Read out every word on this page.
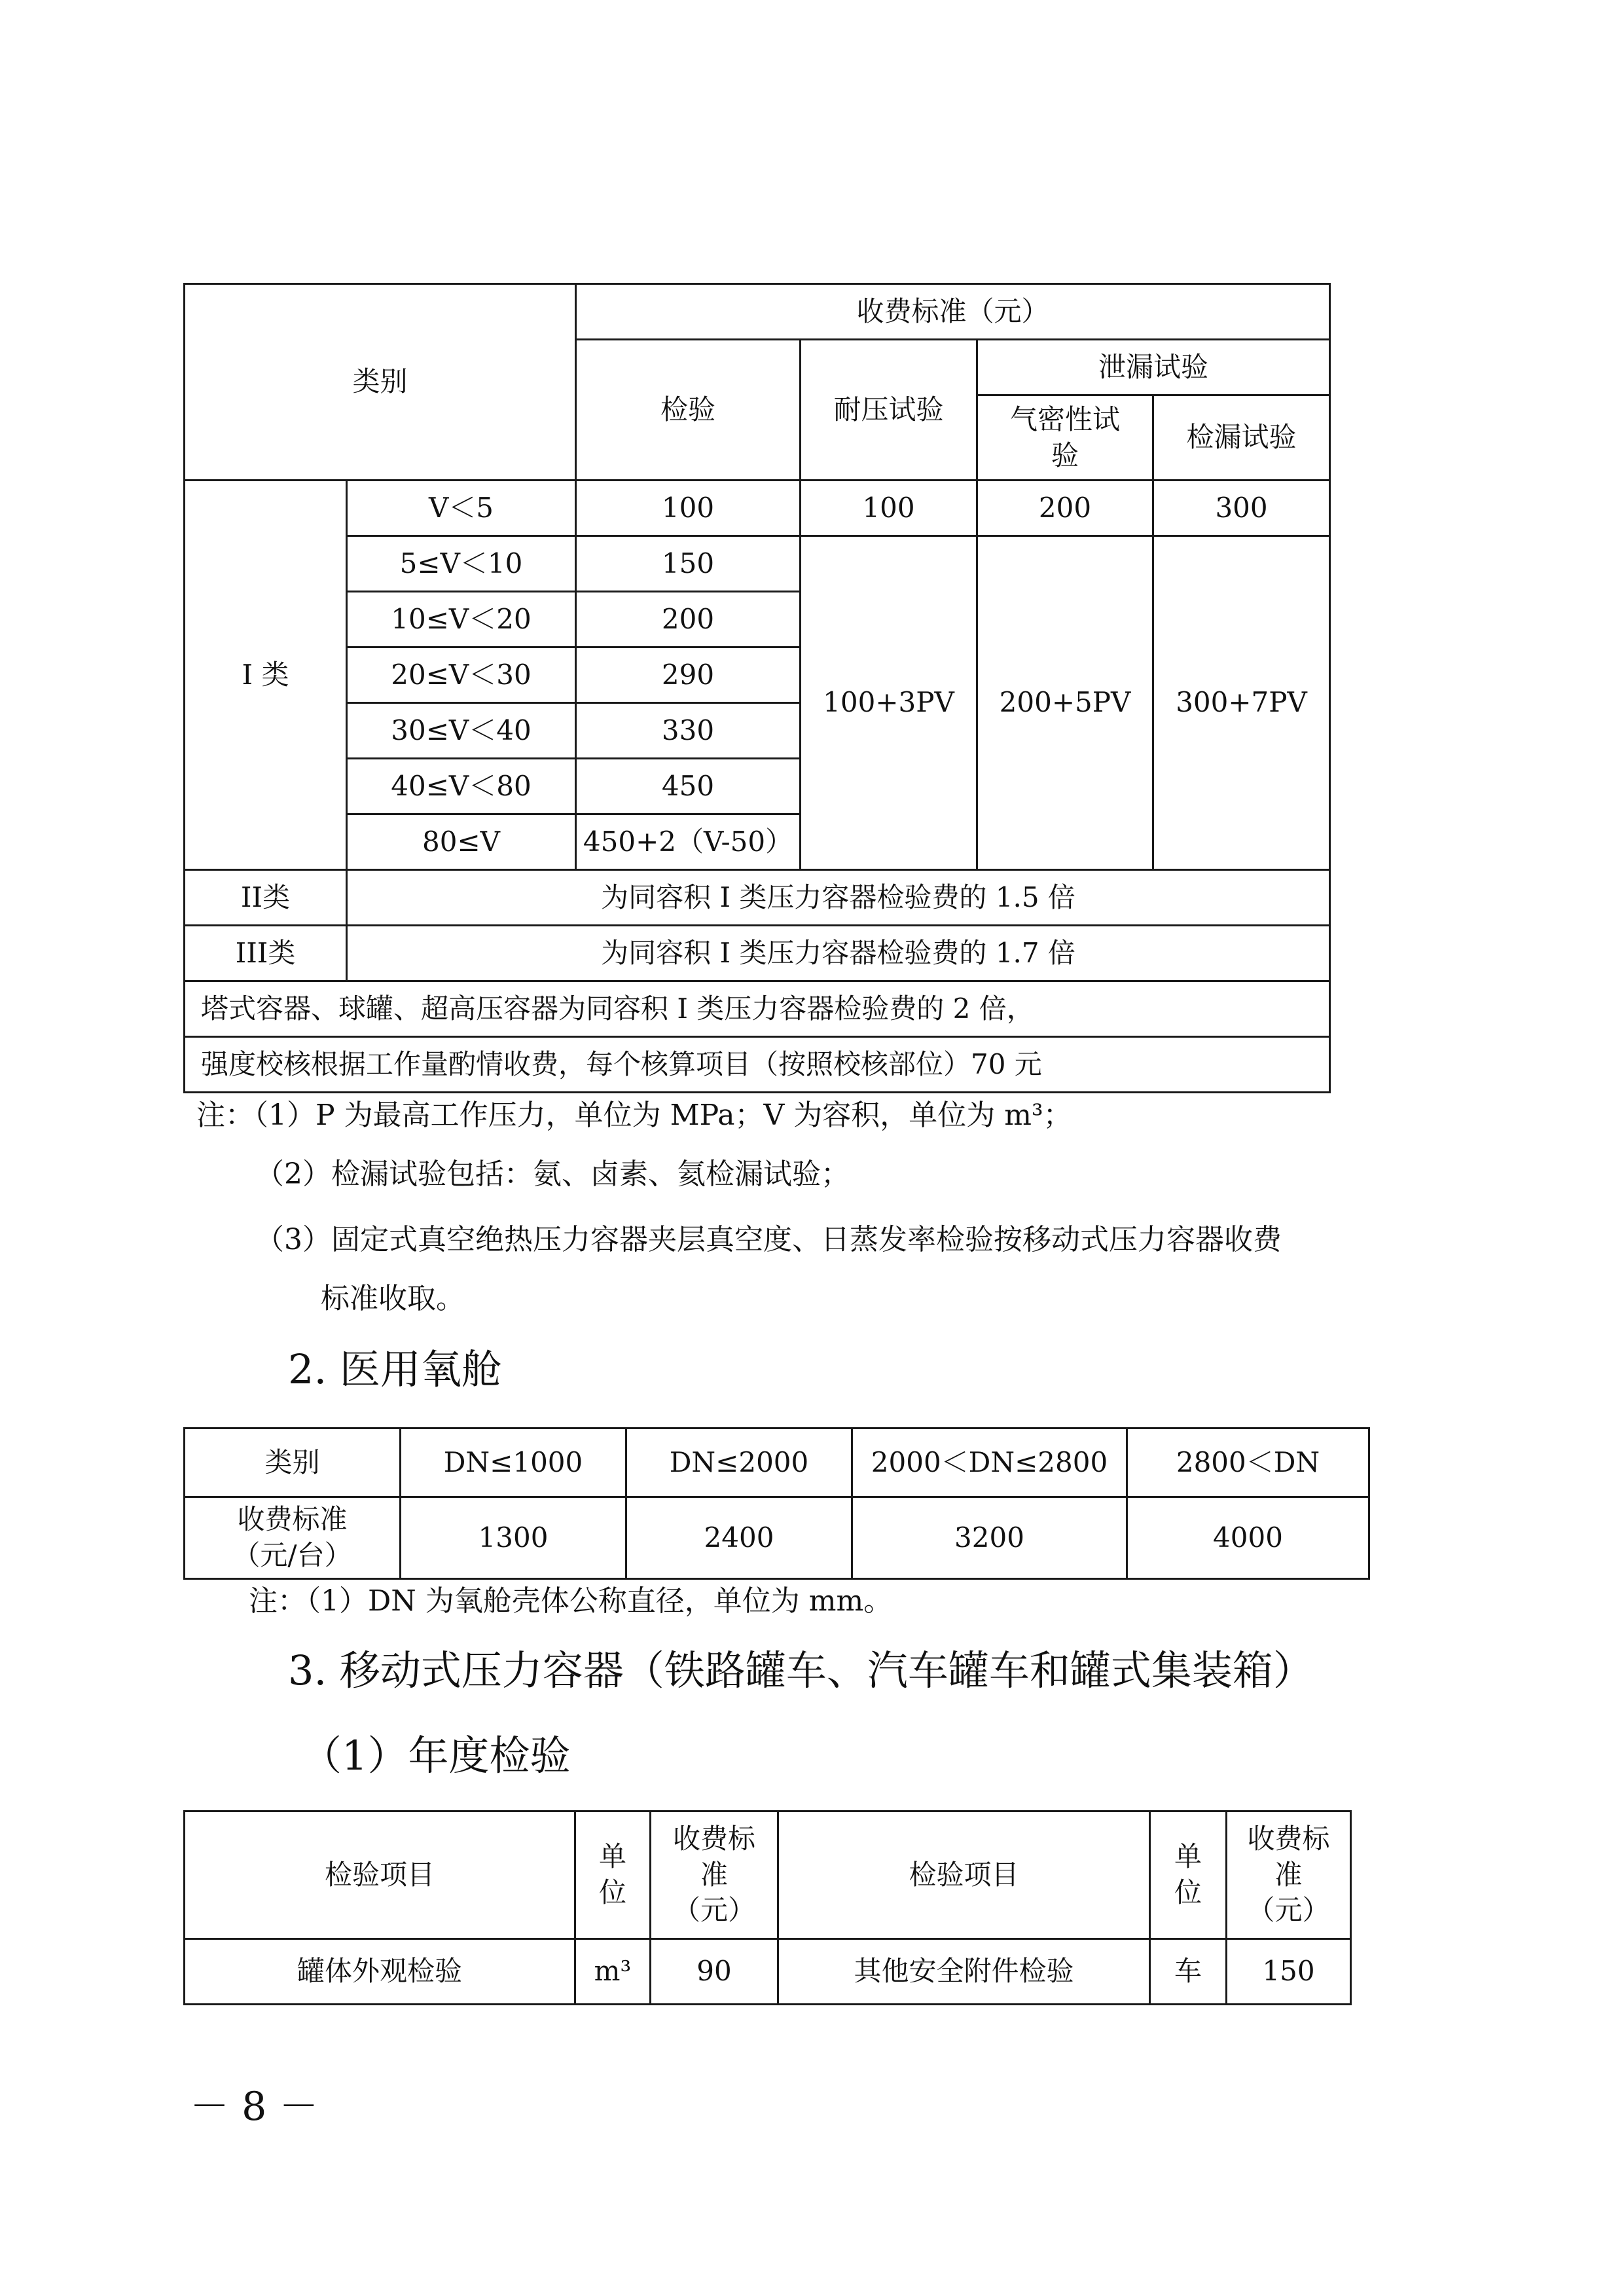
类别		收费标准（元）			
		检验	耐压试验	泄漏试验	
				气密性试验	检漏试验
I 类	V＜5	100	100	200	300
	5≤V＜10	150	100+3PV	200+5PV	300+7PV
	10≤V＜20	200			
	20≤V＜30	290			
	30≤V＜40	330			
	40≤V＜80	450			
	80≤V	450+2（V-50）			
II类	为同容积 I 类压力容器检验费的 1.5 倍				
III类	为同容积 I 类压力容器检验费的 1.7 倍				
塔式容器、球罐、超高压容器为同容积 I 类压力容器检验费的 2 倍，					
强度校核根据工作量酌情收费，每个核算项目（按照校核部位）70 元					
注：（1）P 为最高工作压力，单位为 MPa；V 为容积，单位为 m³；
（2）检漏试验包括：氨、卤素、氦检漏试验；
（3）固定式真空绝热压力容器夹层真空度、日蒸发率检验按移动式压力容器收费
标准收取。
2. 医用氧舱
类别	DN≤1000	DN≤2000	2000＜DN≤2800	2800＜DN
收费标准（元/台）	1300	2400	3200	4000
注：（1）DN 为氧舱壳体公称直径，单位为 mm。
3. 移动式压力容器（铁路罐车、汽车罐车和罐式集装箱）
（1）年度检验
检验项目	单位	收费标准（元）	检验项目	单位	收费标准（元）
罐体外观检验	m³	90	其他安全附件检验	车	150
－ 8 －
